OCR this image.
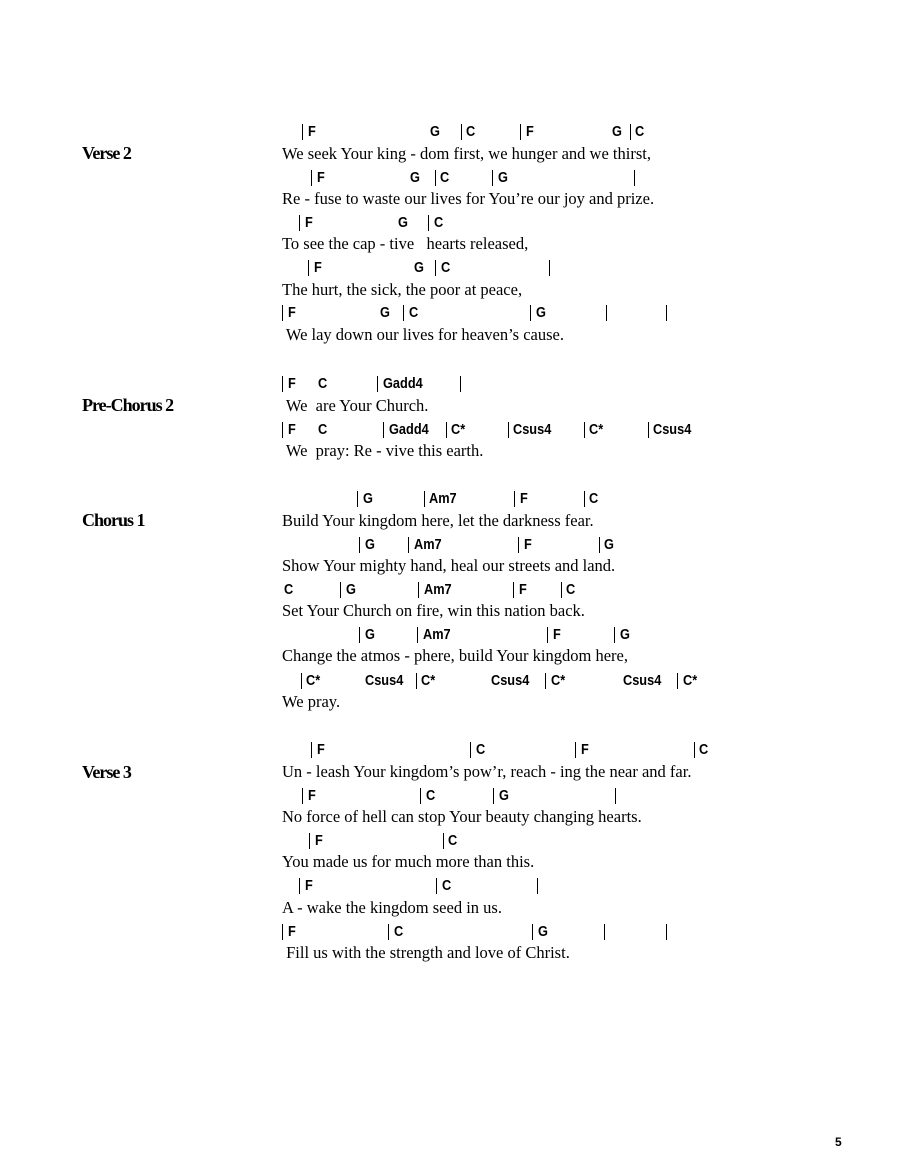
Verse 2
Pre-Chorus 2
Chorus 1
Verse 3
F	G C	F	G C
We seek Your king - dom first, we hunger and we thirst,
F	G C	G
Re - fuse to waste our lives for You’re our joy and prize.
F	G C
To see the cap - tive   hearts released,
F	G C
The hurt, the sick, the poor at peace,
F	G C	G
We lay down our lives for heaven’s cause.
F C	Gadd4
We  are Your Church.
F C	Gadd4 C*	Csus4	C*	Csus4
We  pray: Re - vive this earth.
G	Am7	F	C
Build Your kingdom here, let the darkness fear.
G	Am7	F	G
Show Your mighty hand, heal our streets and land.
C	G	Am7	F	C
Set Your Church on fire, win this nation back.
G	Am7	F	G
Change the atmos - phere, build Your kingdom here,
C*	Csus4 C*	Csus4 C*	Csus4 C*
We pray.
F	C	F	C
Un - leash Your kingdom’s pow’r, reach - ing the near and far.
F	C	G
No force of hell can stop Your beauty changing hearts.
F	C
You made us for much more than this.
F	C
A - wake the kingdom seed in us.
F	C	G
Fill us with the strength and love of Christ.
5
